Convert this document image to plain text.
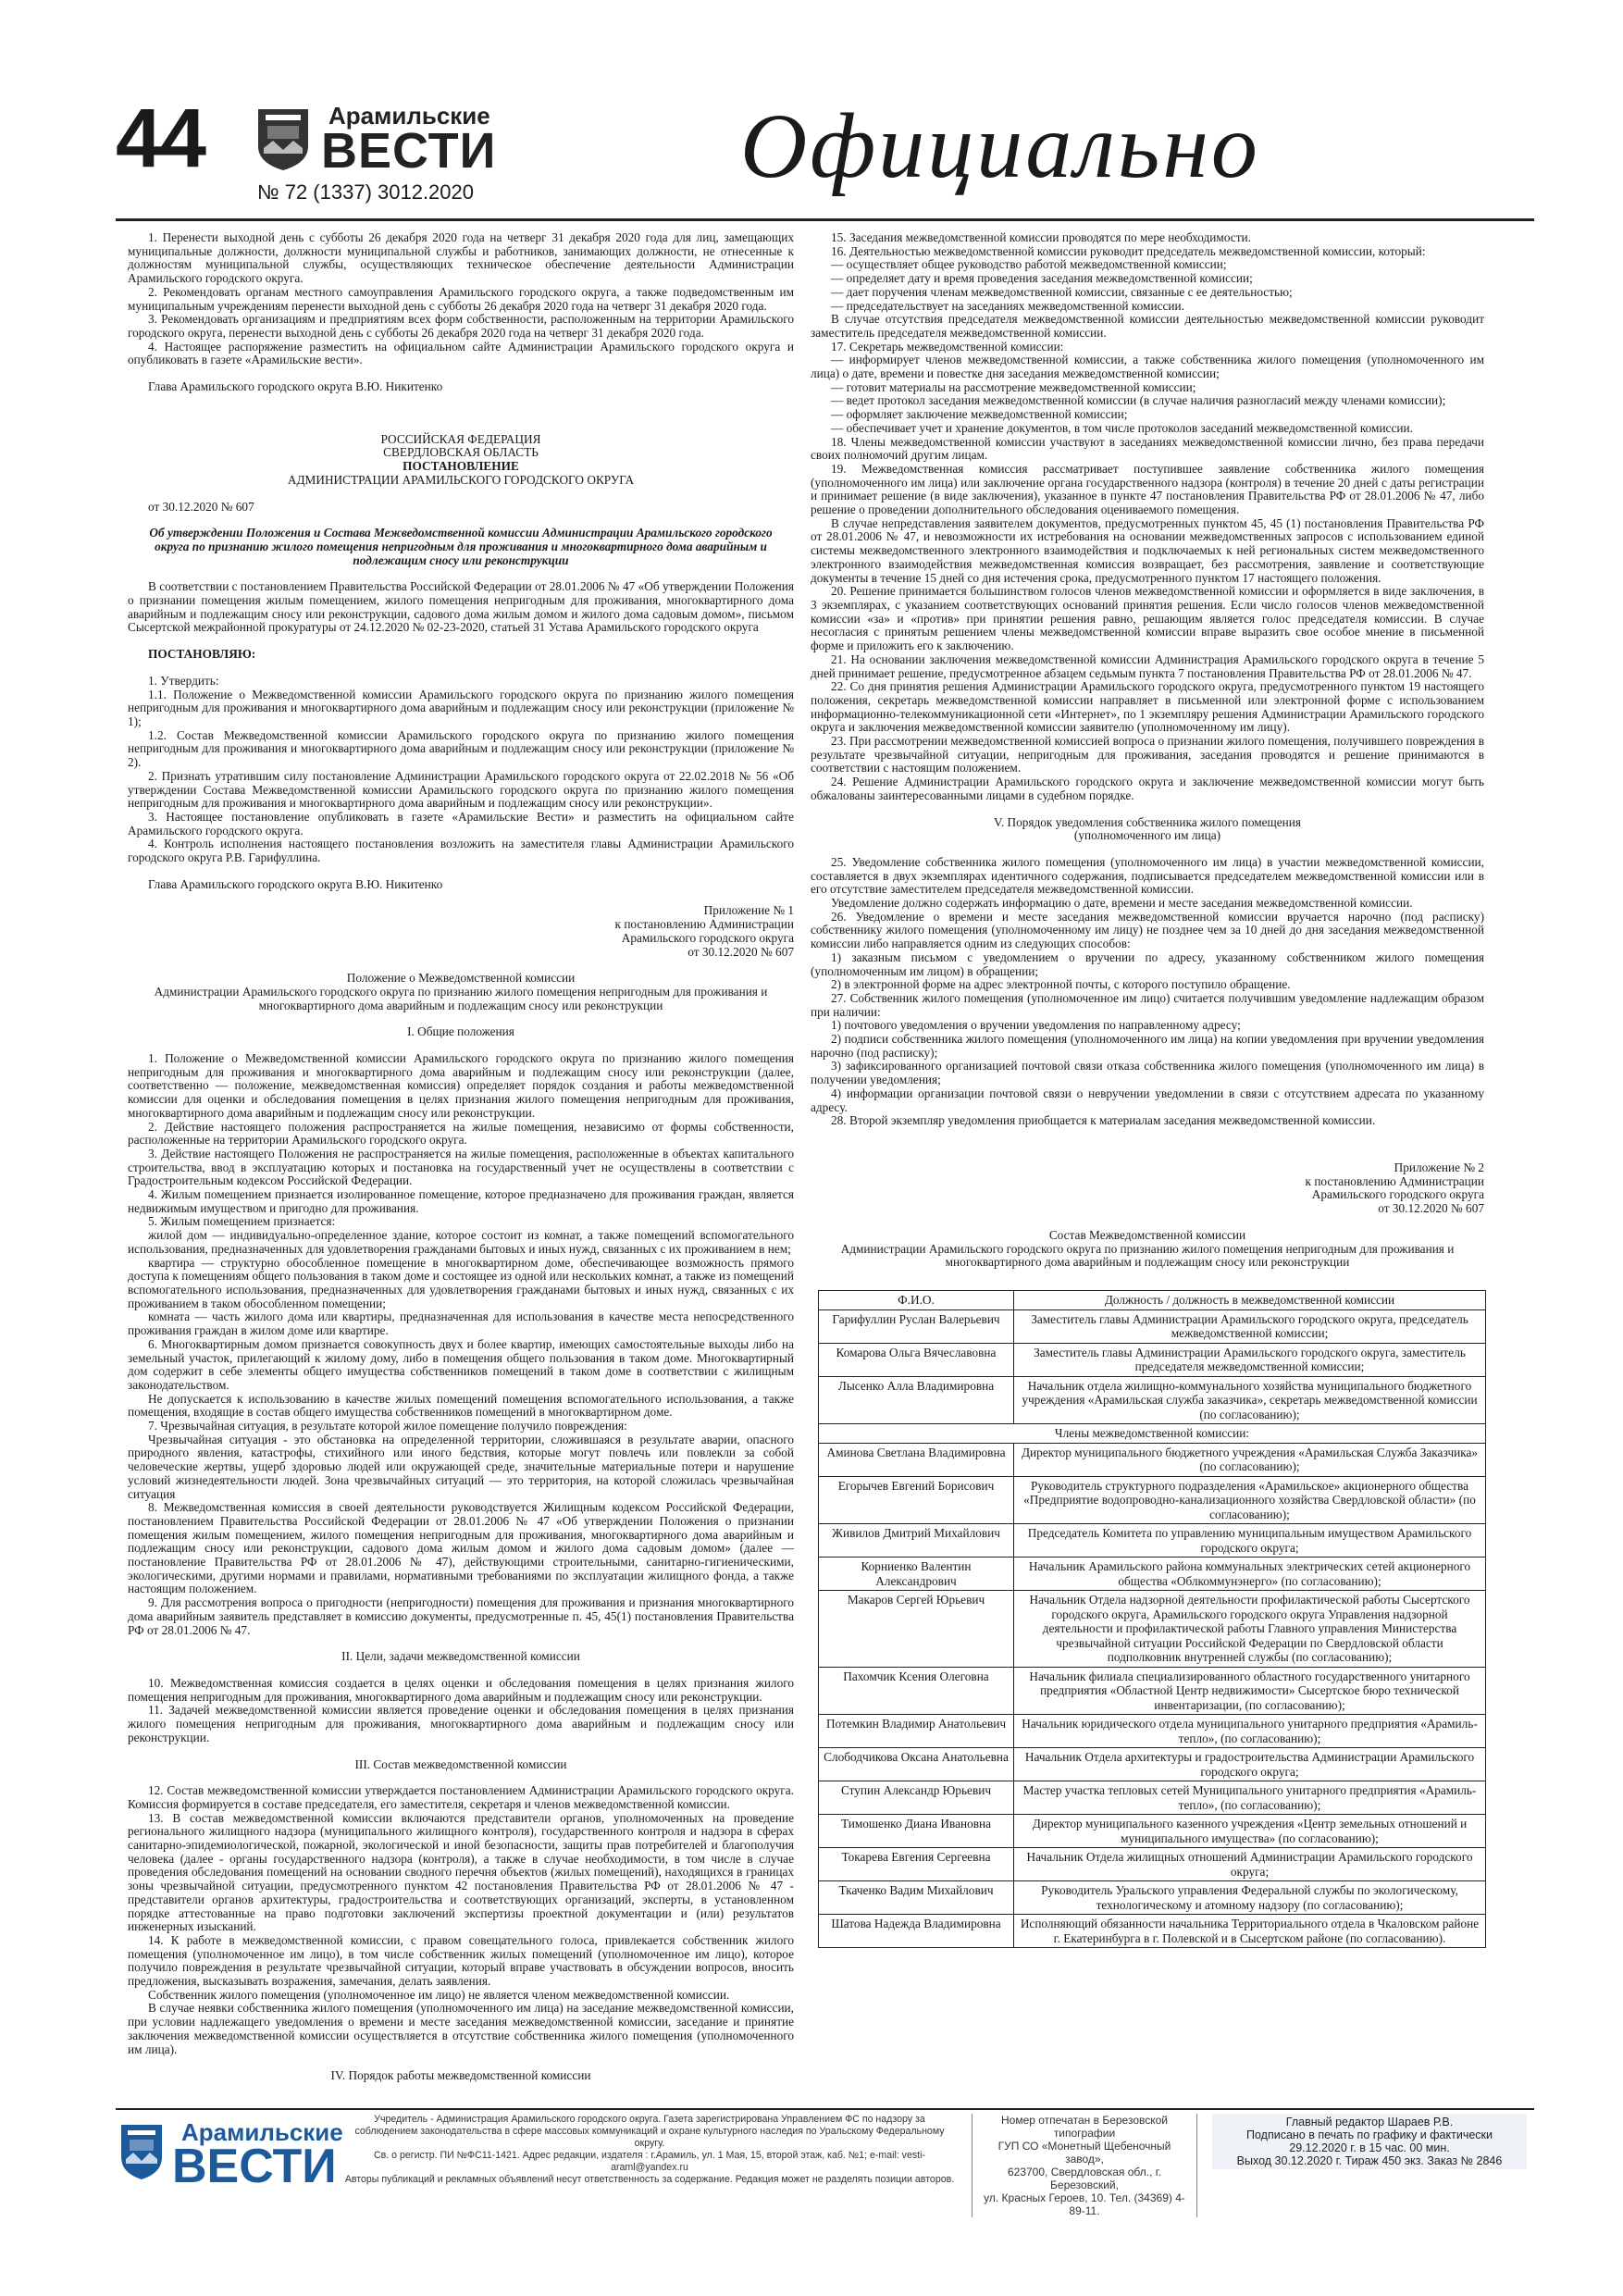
44	Арамильские
ВЕСТИ
№ 72 (1337) 3012.2020	Официально

1. Перенести выходной день с субботы 26 декабря 2020 года на четверг 31 декабря 2020 года для лиц, замещающих муниципальные должности, должности муниципальной службы и работников, занимающих должности, не отнесенные к должностям муниципальной службы, осуществляющих техническое обеспечение деятельности Администрации Арамильского городского округа.

2. Рекомендовать органам местного самоуправления Арамильского городского округа, а также подведомственным им муниципальным учреждениям перенести выходной день с субботы 26 декабря 2020 года на четверг 31 декабря 2020 года.

3. Рекомендовать организациям и предприятиям всех форм собственности, расположенным на территории Арамильского городского округа, перенести выходной день с субботы 26 декабря 2020 года на четверг 31 декабря 2020 года.

4. Настоящее распоряжение разместить на официальном сайте Администрации Арамильского городского округа и опубликовать в газете «Арамильские вести».

Глава Арамильского городского округа В.Ю. Никитенко

РОССИЙСКАЯ ФЕДЕРАЦИЯ

СВЕРДЛОВСКАЯ ОБЛАСТЬ

ПОСТАНОВЛЕНИЕ

АДМИНИСТРАЦИИ АРАМИЛЬСКОГО ГОРОДСКОГО ОКРУГА

от 30.12.2020 № 607

Об утверждении Положения и Состава Межведомственной комиссии Администрации Арамильского городского округа по признанию жилого помещения непригодным для проживания и многоквартирного дома аварийным и подлежащим сносу или реконструкции

В соответствии с постановлением Правительства Российской Федерации от 28.01.2006 № 47 «Об утверждении Положения о признании помещения жилым помещением, жилого помещения непригодным для проживания, многоквартирного дома аварийным и подлежащим сносу или реконструкции, садового дома жилым домом и жилого дома садовым домом», письмом Сысертской межрайонной прокуратуры от 24.12.2020 № 02-23-2020, статьей 31 Устава Арамильского городского округа

ПОСТАНОВЛЯЮ:

1. Утвердить:

1.1. Положение о Межведомственной комиссии Арамильского городского округа по признанию жилого помещения непригодным для проживания и многоквартирного дома аварийным и подлежащим сносу или реконструкции (приложение № 1);

1.2. Состав Межведомственной комиссии Арамильского городского округа по признанию жилого помещения непригодным для проживания и многоквартирного дома аварийным и подлежащим сносу или реконструкции (приложение № 2).

2. Признать утратившим силу постановление Администрации Арамильского городского округа от 22.02.2018 № 56 «Об утверждении Состава Межведомственной комиссии Арамильского городского округа по признанию жилого помещения непригодным для проживания и многоквартирного дома аварийным и подлежащим сносу или реконструкции».

3. Настоящее постановление опубликовать в газете «Арамильские Вести» и разместить на официальном сайте Арамильского городского округа.

4. Контроль исполнения настоящего постановления возложить на заместителя главы Администрации Арамильского городского округа Р.В. Гарифуллина.

Глава Арамильского городского округа В.Ю. Никитенко

Приложение № 1

к постановлению Администрации

Арамильского городского округа

от 30.12.2020 № 607

Положение о Межведомственной комиссии

Администрации Арамильского городского округа по признанию жилого помещения непригодным для проживания и многоквартирного дома аварийным и подлежащим сносу или реконструкции

I. Общие положения

1. Положение о Межведомственной комиссии Арамильского городского округа по признанию жилого помещения непригодным для проживания и многоквартирного дома аварийным и подлежащим сносу или реконструкции (далее, соответственно — положение, межведомственная комиссия) определяет порядок создания и работы межведомственной комиссии для оценки и обследования помещения в целях признания жилого помещения непригодным для проживания, многоквартирного дома аварийным и подлежащим сносу или реконструкции.

2. Действие настоящего положения распространяется на жилые помещения, независимо от формы собственности, расположенные на территории Арамильского городского округа.

3. Действие настоящего Положения не распространяется на жилые помещения, расположенные в объектах капитального строительства, ввод в эксплуатацию которых и постановка на государственный учет не осуществлены в соответствии с Градостроительным кодексом Российской Федерации.

4. Жилым помещением признается изолированное помещение, которое предназначено для проживания граждан, является недвижимым имуществом и пригодно для проживания.

5. Жилым помещением признается:

жилой дом — индивидуально-определенное здание, которое состоит из комнат, а также помещений вспомогательного использования, предназначенных для удовлетворения гражданами бытовых и иных нужд, связанных с их проживанием в нем;

квартира — структурно обособленное помещение в многоквартирном доме, обеспечивающее возможность прямого доступа к помещениям общего пользования в таком доме и состоящее из одной или нескольких комнат, а также из помещений вспомогательного использования, предназначенных для удовлетворения гражданами бытовых и иных нужд, связанных с их проживанием в таком обособленном помещении;

комната — часть жилого дома или квартиры, предназначенная для использования в качестве места непосредственного проживания граждан в жилом доме или квартире.

6. Многоквартирным домом признается совокупность двух и более квартир, имеющих самостоятельные выходы либо на земельный участок, прилегающий к жилому дому, либо в помещения общего пользования в таком доме. Многоквартирный дом содержит в себе элементы общего имущества собственников помещений в таком доме в соответствии с жилищным законодательством.

Не допускается к использованию в качестве жилых помещений помещения вспомогательного использования, а также помещения, входящие в состав общего имущества собственников помещений в многоквартирном доме.

7. Чрезвычайная ситуация, в результате которой жилое помещение получило повреждения:

Чрезвычайная ситуация - это обстановка на определенной территории, сложившаяся в результате аварии, опасного природного явления, катастрофы, стихийного или иного бедствия, которые могут повлечь или повлекли за собой человеческие жертвы, ущерб здоровью людей или окружающей среде, значительные материальные потери и нарушение условий жизнедеятельности людей. Зона чрезвычайных ситуаций — это территория, на которой сложилась чрезвычайная ситуация

8. Межведомственная комиссия в своей деятельности руководствуется Жилищным кодексом Российской Федерации, постановлением Правительства Российской Федерации от 28.01.2006 № 47 «Об утверждении Положения о признании помещения жилым помещением, жилого помещения непригодным для проживания, многоквартирного дома аварийным и подлежащим сносу или реконструкции, садового дома жилым домом и жилого дома садовым домом» (далее — постановление Правительства РФ от 28.01.2006 № 47), действующими строительными, санитарно-гигиеническими, экологическими, другими нормами и правилами, нормативными требованиями по эксплуатации жилищного фонда, а также настоящим положением.

9. Для рассмотрения вопроса о пригодности (непригодности) помещения для проживания и признания многоквартирного дома аварийным заявитель представляет в комиссию документы, предусмотренные п. 45, 45(1) постановления Правительства РФ от 28.01.2006 № 47.

II. Цели, задачи межведомственной комиссии

10. Межведомственная комиссия создается в целях оценки и обследования помещения в целях признания жилого помещения непригодным для проживания, многоквартирного дома аварийным и подлежащим сносу или реконструкции.

11. Задачей межведомственной комиссии является проведение оценки и обследования помещения в целях признания жилого помещения непригодным для проживания, многоквартирного дома аварийным и подлежащим сносу или реконструкции.

III. Состав межведомственной комиссии

12. Состав межведомственной комиссии утверждается постановлением Администрации Арамильского городского округа. Комиссия формируется в составе председателя, его заместителя, секретаря и членов межведомственной комиссии.

13. В состав межведомственной комиссии включаются представители органов, уполномоченных на проведение регионального жилищного надзора (муниципального жилищного контроля), государственного контроля и надзора в сферах санитарно-эпидемиологической, пожарной, экологической и иной безопасности, защиты прав потребителей и благополучия человека (далее - органы государственного надзора (контроля), а также в случае необходимости, в том числе в случае проведения обследования помещений на основании сводного перечня объектов (жилых помещений), находящихся в границах зоны чрезвычайной ситуации, предусмотренного пунктом 42 постановления Правительства РФ от 28.01.2006 № 47 - представители органов архитектуры, градостроительства и соответствующих организаций, эксперты, в установленном порядке аттестованные на право подготовки заключений экспертизы проектной документации и (или) результатов инженерных изысканий.

14. К работе в межведомственной комиссии, с правом совещательного голоса, привлекается собственник жилого помещения (уполномоченное им лицо), в том числе собственник жилых помещений (уполномоченное им лицо), которое получило повреждения в результате чрезвычайной ситуации, который вправе участвовать в обсуждении вопросов, вносить предложения, высказывать возражения, замечания, делать заявления.

Собственник жилого помещения (уполномоченное им лицо) не является членом межведомственной комиссии.

В случае неявки собственника жилого помещения (уполномоченного им лица) на заседание межведомственной комиссии, при условии надлежащего уведомления о времени и месте заседания межведомственной комиссии, заседание и принятие заключения межведомственной комиссии осуществляется в отсутствие собственника жилого помещения (уполномоченного им лица).

IV. Порядок работы межведомственной комиссии

15. Заседания межведомственной комиссии проводятся по мере необходимости.

16. Деятельностью межведомственной комиссии руководит председатель межведомственной комиссии, который:

— осуществляет общее руководство работой межведомственной комиссии;

— определяет дату и время проведения заседания межведомственной комиссии;

— дает поручения членам межведомственной комиссии, связанные с ее деятельностью;

— председательствует на заседаниях межведомственной комиссии.

В случае отсутствия председателя межведомственной комиссии деятельностью межведомственной комиссии руководит заместитель председателя межведомственной комиссии.

17. Секретарь межведомственной комиссии:

— информирует членов межведомственной комиссии, а также собственника жилого помещения (уполномоченного им лица) о дате, времени и повестке дня заседания межведомственной комиссии;

— готовит материалы на рассмотрение межведомственной комиссии;

— ведет протокол заседания межведомственной комиссии (в случае наличия разногласий между членами комиссии);

— оформляет заключение межведомственной комиссии;

— обеспечивает учет и хранение документов, в том числе протоколов заседаний межведомственной комиссии.

18. Члены межведомственной комиссии участвуют в заседаниях межведомственной комиссии лично, без права передачи своих полномочий другим лицам.

19. Межведомственная комиссия рассматривает поступившее заявление собственника жилого помещения (уполномоченного им лица) или заключение органа государственного надзора (контроля) в течение 20 дней с даты регистрации и принимает решение (в виде заключения), указанное в пункте 47 постановления Правительства РФ от 28.01.2006 № 47, либо решение о проведении дополнительного обследования оцениваемого помещения.

В случае непредставления заявителем документов, предусмотренных пунктом 45, 45 (1) постановления Правительства РФ от 28.01.2006 № 47, и невозможности их истребования на основании межведомственных запросов с использованием единой системы межведомственного электронного взаимодействия и подключаемых к ней региональных систем межведомственного электронного взаимодействия межведомственная комиссия возвращает, без рассмотрения, заявление и соответствующие документы в течение 15 дней со дня истечения срока, предусмотренного пунктом 17 настоящего положения.

20. Решение принимается большинством голосов членов межведомственной комиссии и оформляется в виде заключения, в 3 экземплярах, с указанием соответствующих оснований принятия решения. Если число голосов членов межведомственной комиссии «за» и «против» при принятии решения равно, решающим является голос председателя комиссии. В случае несогласия с принятым решением члены межведомственной комиссии вправе выразить свое особое мнение в письменной форме и приложить его к заключению.

21. На основании заключения межведомственной комиссии Администрация Арамильского городского округа в течение 5 дней принимает решение, предусмотренное абзацем седьмым пункта 7 постановления Правительства РФ от 28.01.2006 № 47.

22. Со дня принятия решения Администрации Арамильского городского округа, предусмотренного пунктом 19 настоящего положения, секретарь межведомственной комиссии направляет в письменной или электронной форме с использованием информационно-телекоммуникационной сети «Интернет», по 1 экземпляру решения Администрации Арамильского городского округа и заключения межведомственной комиссии заявителю (уполномоченному им лицу).

23. При рассмотрении межведомственной комиссией вопроса о признании жилого помещения, получившего повреждения в результате чрезвычайной ситуации, непригодным для проживания, заседания проводятся и решение принимаются в соответствии с настоящим положением.

24. Решение Администрации Арамильского городского округа и заключение межведомственной комиссии могут быть обжалованы заинтересованными лицами в судебном порядке.

V. Порядок уведомления собственника жилого помещения

(уполномоченного им лица)

25. Уведомление собственника жилого помещения (уполномоченного им лица) в участии межведомственной комиссии, составляется в двух экземплярах идентичного содержания, подписывается председателем межведомственной комиссии или в его отсутствие заместителем председателя межведомственной комиссии.

Уведомление должно содержать информацию о дате, времени и месте заседания межведомственной комиссии.

26. Уведомление о времени и месте заседания межведомственной комиссии вручается нарочно (под расписку) собственнику жилого помещения (уполномоченному им лицу) не позднее чем за 10 дней до дня заседания межведомственной комиссии либо направляется одним из следующих способов:

1) заказным письмом с уведомлением о вручении по адресу, указанному собственником жилого помещения (уполномоченным им лицом) в обращении;

2) в электронной форме на адрес электронной почты, с которого поступило обращение.

27. Собственник жилого помещения (уполномоченное им лицо) считается получившим уведомление надлежащим образом при наличии:

1) почтового уведомления о вручении уведомления по направленному адресу;

2) подписи собственника жилого помещения (уполномоченного им лица) на копии уведомления при вручении уведомления нарочно (под расписку);

3) зафиксированного организацией почтовой связи отказа собственника жилого помещения (уполномоченного им лица) в получении уведомления;

4) информации организации почтовой связи о невручении уведомлении в связи с отсутствием адресата по указанному адресу.

28. Второй экземпляр уведомления приобщается к материалам заседания межведомственной комиссии.

Приложение № 2

к постановлению Администрации

Арамильского городского округа

от 30.12.2020 № 607

Состав Межведомственной комиссии

Администрации Арамильского городского округа по признанию жилого помещения непригодным для проживания и многоквартирного дома аварийным и подлежащим сносу или реконструкции

Ф.И.О.	Должность / должность в межведомственной комиссии
Гарифуллин Руслан Валерьевич	Заместитель главы Администрации Арамильского городского округа, председатель межведомственной комиссии;
Комарова Ольга Вячеславовна	Заместитель главы Администрации Арамильского городского округа, заместитель председателя межведомственной комиссии;
Лысенко Алла Владимировна	Начальник отдела жилищно-коммунального хозяйства муниципального бюджетного учреждения «Арамильская служба заказчика», секретарь межведомственной комиссии (по согласованию);
Члены межведомственной комиссии:	
Аминова Светлана Владимировна	Директор муниципального бюджетного учреждения «Арамильская Служба Заказчика» (по согласованию);
Егорычев Евгений Борисович	Руководитель структурного подразделения «Арамильское» акционерного общества «Предприятие водопроводно-канализационного хозяйства Свердловской области» (по согласованию);
Живилов Дмитрий Михайлович	Председатель Комитета по управлению муниципальным имуществом Арамильского городского округа;
Корниенко Валентин Александрович	Начальник Арамильского района коммунальных электрических сетей акционерного общества «Облкоммунэнерго» (по согласованию);
Макаров Сергей Юрьевич	Начальник Отдела надзорной деятельности профилактической работы Сысертского городского округа, Арамильского городского округа Управления надзорной деятельности и профилактической работы Главного управления Министерства чрезвычайной ситуации Российской Федерации по Свердловской области подполковник внутренней службы (по согласованию);
Пахомчик Ксения Олеговна	Начальник филиала специализированного областного государственного унитарного предприятия «Областной Центр недвижимости» Сысертское бюро технической инвентаризации, (по согласованию);
Потемкин Владимир Анатольевич	Начальник юридического отдела муниципального унитарного предприятия «Арамиль-тепло», (по согласованию);
Слободчикова Оксана Анатольевна	Начальник Отдела архитектуры и градостроительства Администрации Арамильского городского округа;
Ступин Александр Юрьевич	Мастер участка тепловых сетей Муниципального унитарного предприятия «Арамиль-тепло», (по согласованию);
Тимошенко Диана Ивановна	Директор муниципального казенного учреждения «Центр земельных отношений и муниципального имущества» (по согласованию);
Токарева Евгения Сергеевна	Начальник Отдела жилищных отношений Администрации Арамильского городского округа;
Ткаченко Вадим Михайлович	Руководитель Уральского управления Федеральной службы по экологическому, технологическому и атомному надзору (по согласованию);
Шатова Надежда Владимировна	Исполняющий обязанности начальника Территориального отдела в Чкаловском районе г. Екатеринбурга в г. Полевской и в Сысертском районе (по согласованию).
Арамильские
ВЕСТИ
Учредитель - Администрация Арамильского городского округа. Газета зарегистрирована Управлением ФС по надзору за соблюдением законодательства в сфере массовых коммуникаций и охране культурного наследия по Уральскому Федеральному округу.
Св. о регистр. ПИ №ФС11-1421. Адрес редакции, издателя : г.Арамиль, ул. 1 Мая, 15, второй этаж, каб. №1; e-mail: vesti-araml@yandex.ru
Авторы публикаций и рекламных объявлений несут ответственность за содержание. Редакция может не разделять позиции авторов.
Номер отпечатан в Березовской типографии
ГУП СО «Монетный Щебеночный завод»,
623700, Свердловская обл., г. Березовский,
ул. Красных Героев, 10. Тел. (34369) 4-89-11.
Главный редактор Шараев Р.В.
Подписано в печать по графику и фактически
29.12.2020 г. в 15 час. 00 мин.
Выход 30.12.2020 г. Тираж 450 экз. Заказ № 2846
